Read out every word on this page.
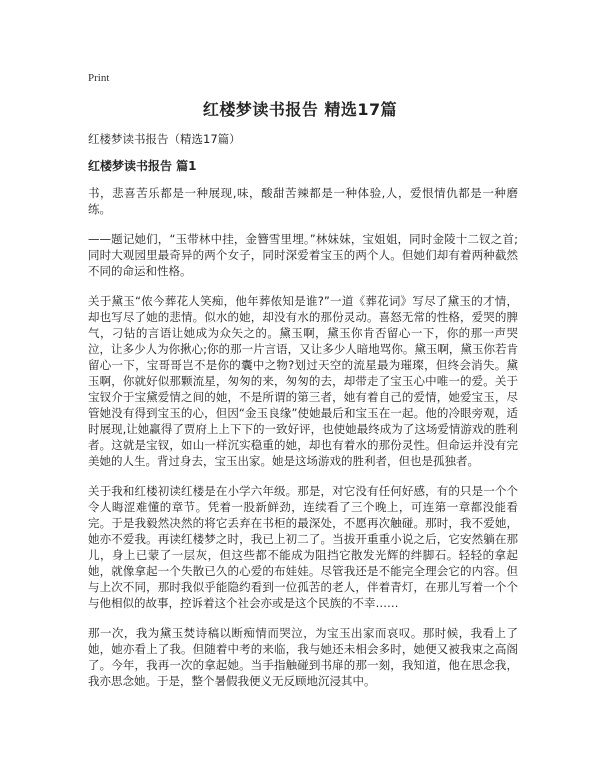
Print
红楼梦读书报告 精选17篇
红楼梦读书报告（精选17篇）
红楼梦读书报告 篇1

书，悲喜苦乐都是一种展现,味，酸甜苦辣都是一种体验,人，爱恨情仇都是一种磨练。

——题记她们，“玉带林中挂，金簪雪里埋。”林妹妹，宝姐姐，同时金陵十二钗之首;同时大观园里最奇异的两个女子，同时深爱着宝玉的两个人。但她们却有着两种截然不同的命运和性格。

关于黛玉“侬今葬花人笑痴，他年葬侬知是谁?”一道《葬花词》写尽了黛玉的才情，却也写尽了她的悲情。似水的她，却没有水的那份灵动。喜怒无常的性格，爱哭的脾气，刁钻的言语让她成为众矢之的。黛玉啊，黛玉你肯否留心一下，你的那一声哭泣，让多少人为你揪心;你的那一片言语，又让多少人暗地骂你。黛玉啊，黛玉你若肯留心一下，宝哥哥岂不是你的囊中之物?划过天空的流星最为璀璨，但终会消失。黛玉啊，你就好似那颗流星，匆匆的来，匆匆的去，却带走了宝玉心中唯一的爱。关于宝钗介于宝黛爱情之间的她，不是所谓的第三者，她有着自己的爱情，她爱宝玉，尽管她没有得到宝玉的心，但因“金玉良缘”使她最后和宝玉在一起。他的冷眼旁观，适时展现,让她赢得了贾府上上下下的一致好评，也使她最终成为了这场爱情游戏的胜利者。这就是宝钗，如山一样沉实稳重的她，却也有着水的那份灵性。但命运并没有完美她的人生。背过身去，宝玉出家。她是这场游戏的胜利者，但也是孤独者。

关于我和红楼初读红楼是在小学六年级。那是，对它没有任何好感，有的只是一个个令人晦涩难懂的章节。凭着一股新鲜劲，连续看了三个晚上，可连第一章都没能看完。于是我毅然决然的将它丢弃在书柜的最深处，不愿再次触碰。那时，我不爱她，她亦不爱我。再读红楼梦之时，我已上初二了。当拔开重重小说之后，它安然躺在那儿，身上已蒙了一层灰，但这些都不能成为阻挡它散发光辉的绊脚石。轻轻的拿起她，就像拿起一个失散已久的心爱的布娃娃。尽管我还是不能完全理会它的内容。但与上次不同，那时我似乎能隐约看到一位孤苦的老人，伴着青灯，在那儿写着一个个与他相似的故事，控诉着这个社会亦或是这个民族的不幸……

那一次，我为黛玉焚诗稿以断痴情而哭泣，为宝玉出家而哀叹。那时候，我看上了她，她亦看上了我。但随着中考的来临，我与她还未相会多时，她便又被我束之高阁了。今年，我再一次的拿起她。当手指触碰到书扉的那一刻，我知道，他在思念我，我亦思念她。于是，整个暑假我便义无反顾地沉浸其中。
